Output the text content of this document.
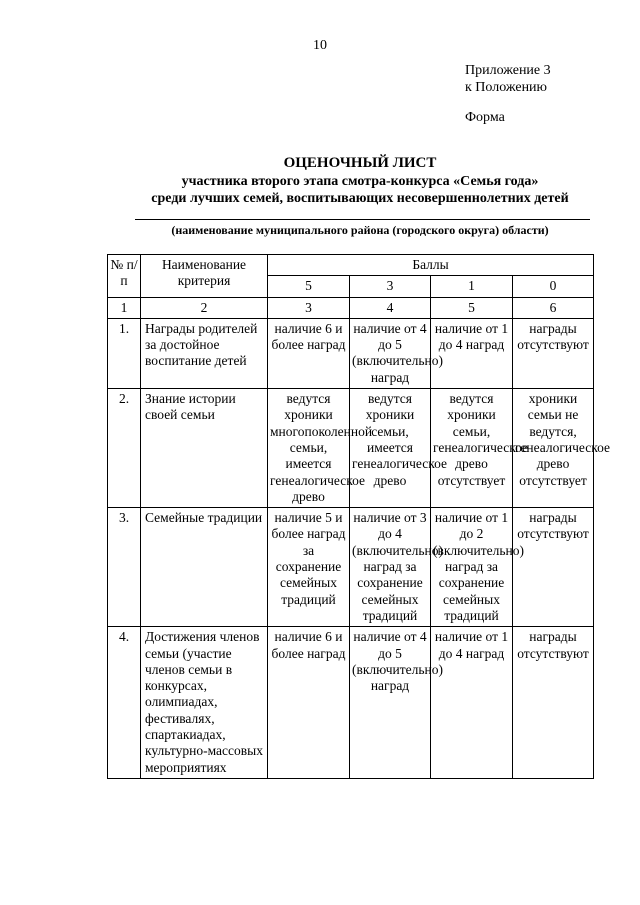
10
Приложение 3
к Положению
Форма
ОЦЕНОЧНЫЙ ЛИСТ
участника второго этапа смотра-конкурса «Семья года»
среди лучших семей, воспитывающих несовершеннолетних детей
(наименование муниципального района (городского округа) области)
№ п/п	Наименование критерия	Баллы			
		5	3	1	0
1	2	3	4	5	6
1.	Награды родителей за достойное воспитание детей	наличие 6 и более наград	наличие от 4 до 5 (включительно) наград	наличие от 1 до 4 наград	награды отсутствуют
2.	Знание истории своей семьи	ведутся хроники многопоколенной семьи, имеется генеалогическое древо	ведутся хроники семьи, имеется генеалогическое древо	ведутся хроники семьи, генеалогическое древо отсутствует	хроники семьи не ведутся, генеалогическое древо отсутствует
3.	Семейные традиции	наличие 5 и более наград за сохранение семейных традиций	наличие от 3 до 4 (включительно) наград за сохранение семейных традиций	наличие от 1 до 2 (включительно) наград за сохранение семейных традиций	награды отсутствуют
4.	Достижения членов семьи (участие членов семьи в конкурсах, олимпиадах, фестивалях, спартакиадах, культурно-массовых мероприятиях	наличие 6 и более наград	наличие от 4 до 5 (включительно) наград	наличие от 1 до 4 наград	награды отсутствуют
